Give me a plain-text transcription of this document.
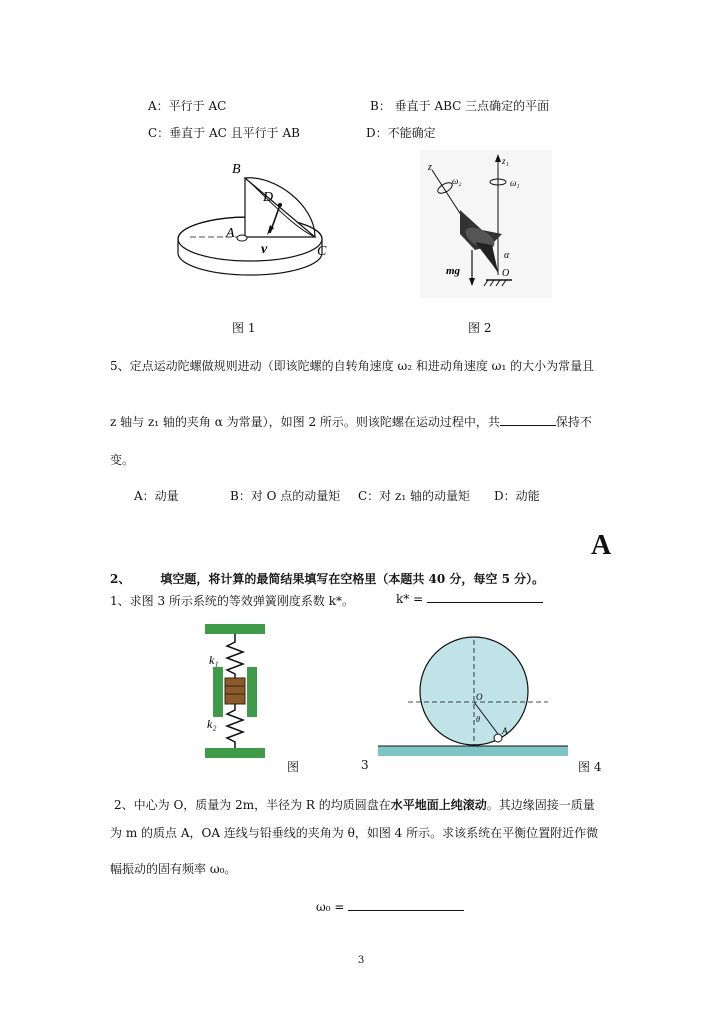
A：平行于 AC	B： 垂直于 ABC 三点确定的平面
C：垂直于 AC 且平行于 AB	D：不能确定
B
D
A
v	C
图 1
z
z₁
ω₂	ω₁
α
mg	O
图 2
5、定点运动陀螺做规则进动（即该陀螺的自转角速度 ω₂ 和进动角速度 ω₁ 的大小为常量且
z 轴与 z₁ 轴的夹角 α 为常量），如图 2 所示。则该陀螺在运动过程中，共	保持不
变。
A：动量	B：对 O 点的动量矩 C：对 z₁ 轴的动量矩 D：动能
A
2、	填空题，将计算的最简结果填写在空格里（本题共 40 分，每空 5 分）。
1、求图 3 所示系统的等效弹簧刚度系数 k*。	k* =
k₁
k₂
图	3
O
θ
A
图 4
2、中心为 O，质量为 2m，半径为 R 的均质圆盘在水平地面上纯滚动。其边缘固接一质量
为 m 的质点 A，OA 连线与铅垂线的夹角为 θ，如图 4 所示。求该系统在平衡位置附近作微
幅振动的固有频率 ω₀。
ω₀ =
3
